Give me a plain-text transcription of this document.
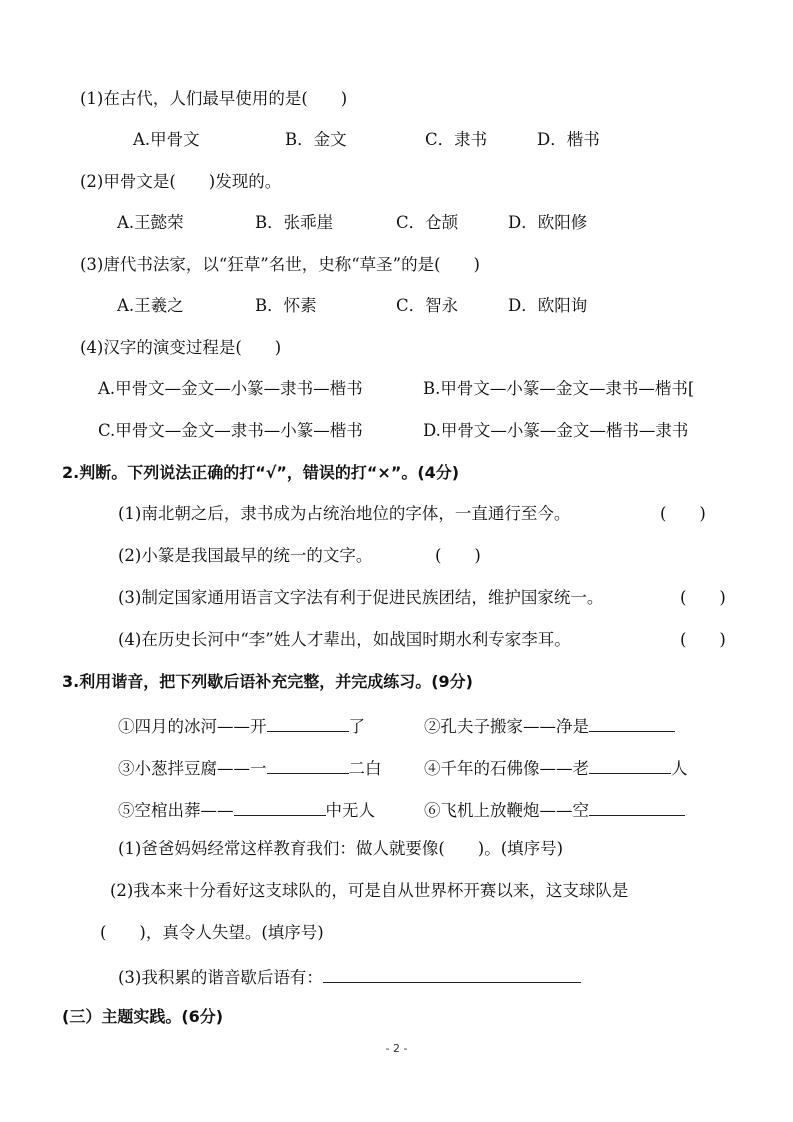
(1)在古代，人们最早使用的是(　　)
A.甲骨文	B．金文	C．隶书	D．楷书
(2)甲骨文是(　　)发现的。
A.王懿荣	B．张乖崖	C．仓颉	D．欧阳修
(3)唐代书法家，以“狂草”名世，史称“草圣”的是(　　)
A.王羲之	B．怀素	C．智永	D．欧阳询
(4)汉字的演变过程是(　　)
A.甲骨文—金文—小篆—隶书—楷书	B.甲骨文—小篆—金文—隶书—楷书[
C.甲骨文—金文—隶书—小篆—楷书	D.甲骨文—小篆—金文—楷书—隶书
2.判断。下列说法正确的打“√”，错误的打“×”。(4分)
(1)南北朝之后，隶书成为占统治地位的字体，一直通行至今。	(　　)
(2)小篆是我国最早的统一的文字。	(　　)
(3)制定国家通用语言文字法有利于促进民族团结，维护国家统一。	(　　)
(4)在历史长河中“李”姓人才辈出，如战国时期水利专家李耳。	(　　)
3.利用谐音，把下列歇后语补充完整，并完成练习。(9分)
①四月的冰河——开	了	②孔夫子搬家——净是
③小葱拌豆腐——一	二白	④千年的石佛像——老	人
⑤空棺出葬——	中无人	⑥飞机上放鞭炮——空
(1)爸爸妈妈经常这样教育我们：做人就要像(　　)。(填序号)
(2)我本来十分看好这支球队的，可是自从世界杯开赛以来，这支球队是
(　　)，真令人失望。(填序号)
(3)我积累的谐音歇后语有：
(三）主题实践。(6分)
- 2 -
